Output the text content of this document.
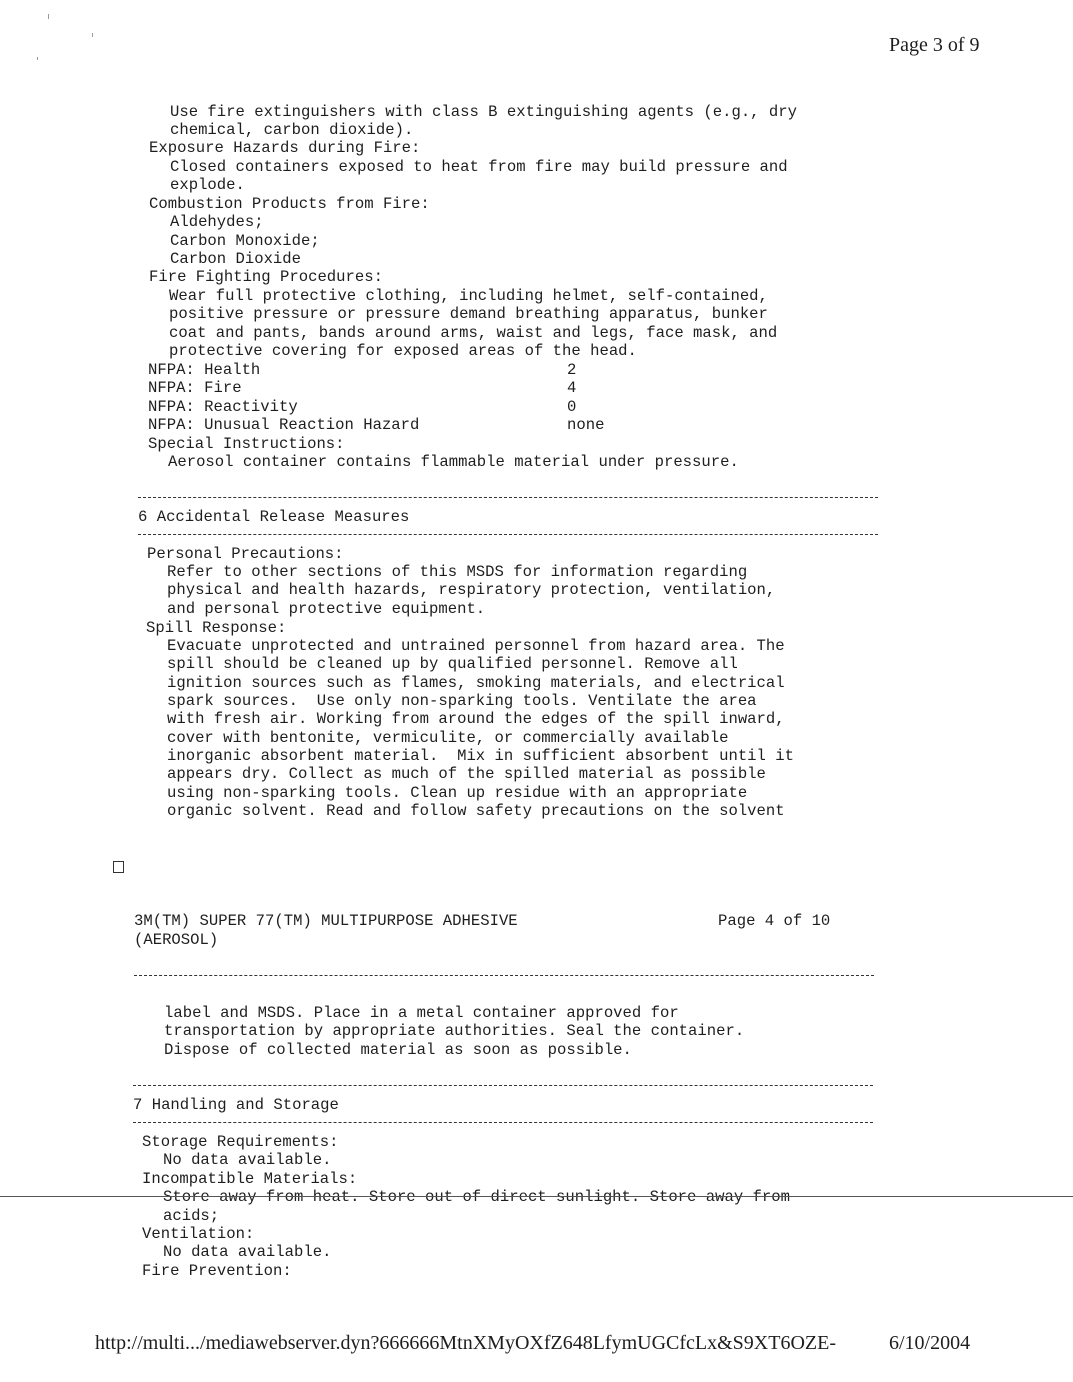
Page 3 of 9
Use fire extinguishers with class B extinguishing agents (e.g., dry
chemical, carbon dioxide).
Exposure Hazards during Fire:
Closed containers exposed to heat from fire may build pressure and
explode.
Combustion Products from Fire:
Aldehydes;
Carbon Monoxide;
Carbon Dioxide
Fire Fighting Procedures:
Wear full protective clothing, including helmet, self-contained,
positive pressure or pressure demand breathing apparatus, bunker
coat and pants, bands around arms, waist and legs, face mask, and
protective covering for exposed areas of the head.
NFPA: Health	2
NFPA: Fire	4
NFPA: Reactivity	0
NFPA: Unusual Reaction Hazard	none
Special Instructions:
Aerosol container contains flammable material under pressure.
6 Accidental Release Measures
Personal Precautions:
Refer to other sections of this MSDS for information regarding
physical and health hazards, respiratory protection, ventilation,
and personal protective equipment.
Spill Response:
Evacuate unprotected and untrained personnel from hazard area. The
spill should be cleaned up by qualified personnel. Remove all
ignition sources such as flames, smoking materials, and electrical
spark sources.  Use only non-sparking tools. Ventilate the area
with fresh air. Working from around the edges of the spill inward,
cover with bentonite, vermiculite, or commercially available
inorganic absorbent material.  Mix in sufficient absorbent until it
appears dry. Collect as much of the spilled material as possible
using non-sparking tools. Clean up residue with an appropriate
organic solvent. Read and follow safety precautions on the solvent
3M(TM) SUPER 77(TM) MULTIPURPOSE ADHESIVE	Page 4 of 10
(AEROSOL)
label and MSDS. Place in a metal container approved for
transportation by appropriate authorities. Seal the container.
Dispose of collected material as soon as possible.
7 Handling and Storage
Storage Requirements:
No data available.
Incompatible Materials:
Store away from heat. Store out of direct sunlight. Store away from
acids;
Ventilation:
No data available.
Fire Prevention:
http://multi.../mediawebserver.dyn?666666MtnXMyOXfZ648LfymUGCfcLx&S9XT6OZE-	6/10/2004
